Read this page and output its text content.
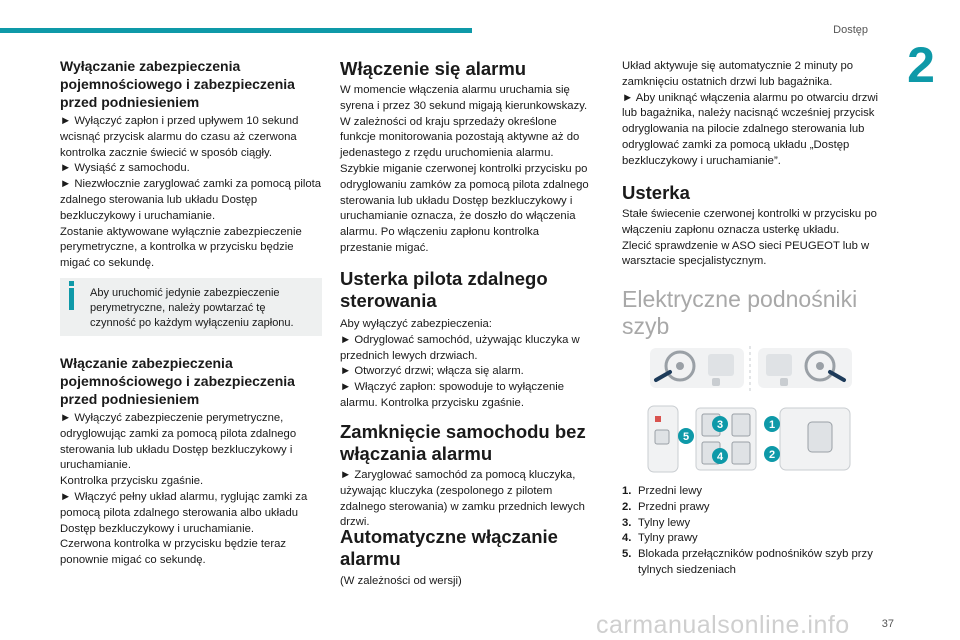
Dostęp
2
Wyłączanie zabezpieczenia pojemnościowego i zabezpieczenia przed podniesieniem

► Wyłączyć zapłon i przed upływem 10 sekund wcisnąć przycisk alarmu do czasu aż czerwona kontrolka zacznie świecić w sposób ciągły.

► Wysiąść z samochodu.

► Niezwłocznie zaryglować zamki za pomocą pilota zdalnego sterowania lub układu Dostęp bezkluczykowy i uruchamianie.

Zostanie aktywowane wyłącznie zabezpieczenie perymetryczne, a kontrolka w przycisku będzie migać co sekundę.

Włączanie zabezpieczenia pojemnościowego i zabezpieczenia przed podniesieniem

► Wyłączyć zabezpieczenie perymetryczne, odryglowując zamki za pomocą pilota zdalnego sterowania lub układu Dostęp bezkluczykowy i uruchamianie.

Kontrolka przycisku zgaśnie.

► Włączyć pełny układ alarmu, ryglując zamki za pomocą pilota zdalnego sterowania albo układu Dostęp bezkluczykowy i uruchamianie.

Czerwona kontrolka w przycisku będzie teraz ponownie migać co sekundę.

Aby uruchomić jedynie zabezpieczenie perymetryczne, należy powtarzać tę czynność po każdym wyłączeniu zapłonu.

Włączenie się alarmu

W momencie włączenia alarmu uruchamia się syrena i przez 30 sekund migają kierunkowskazy.

W zależności od kraju sprzedaży określone funkcje monitorowania pozostają aktywne aż do jedenastego z rzędu uruchomienia alarmu.

Szybkie miganie czerwonej kontrolki przycisku po odryglowaniu zamków za pomocą pilota zdalnego sterowania lub układu Dostęp bezkluczykowy i uruchamianie oznacza, że doszło do włączenia alarmu. Po włączeniu zapłonu kontrolka przestanie migać.

Usterka pilota zdalnego sterowania

Aby wyłączyć zabezpieczenia:

► Odryglować samochód, używając kluczyka w przednich lewych drzwiach.

► Otworzyć drzwi; włącza się alarm.

► Włączyć zapłon: spowoduje to wyłączenie alarmu. Kontrolka przycisku zgaśnie.

Zamknięcie samochodu bez włączania alarmu

► Zaryglować samochód za pomocą kluczyka, używając kluczyka (zespolonego z pilotem zdalnego sterowania) w zamku przednich lewych drzwi.

Automatyczne włączanie alarmu

(W zależności od wersji)

Układ aktywuje się automatycznie 2 minuty po zamknięciu ostatnich drzwi lub bagażnika.

► Aby uniknąć włączenia alarmu po otwarciu drzwi lub bagażnika, należy nacisnąć wcześniej przycisk odryglowania na pilocie zdalnego sterowania lub odryglować zamki za pomocą układu „Dostęp bezkluczykowy i uruchamianie”.

Usterka

Stałe świecenie czerwonej kontrolki w przycisku po włączeniu zapłonu oznacza usterkę układu.

Zlecić sprawdzenie w ASO sieci PEUGEOT lub w warsztacie specjalistycznym.

Elektryczne podnośniki szyb
1. Przedni lewy
2. Przedni prawy
3. Tylny lewy
4. Tylny prawy
5. Blokada przełączników podnośników szyb przy tylnych siedzeniach
1
2
3
4
5
carmanualsonline.info	37
